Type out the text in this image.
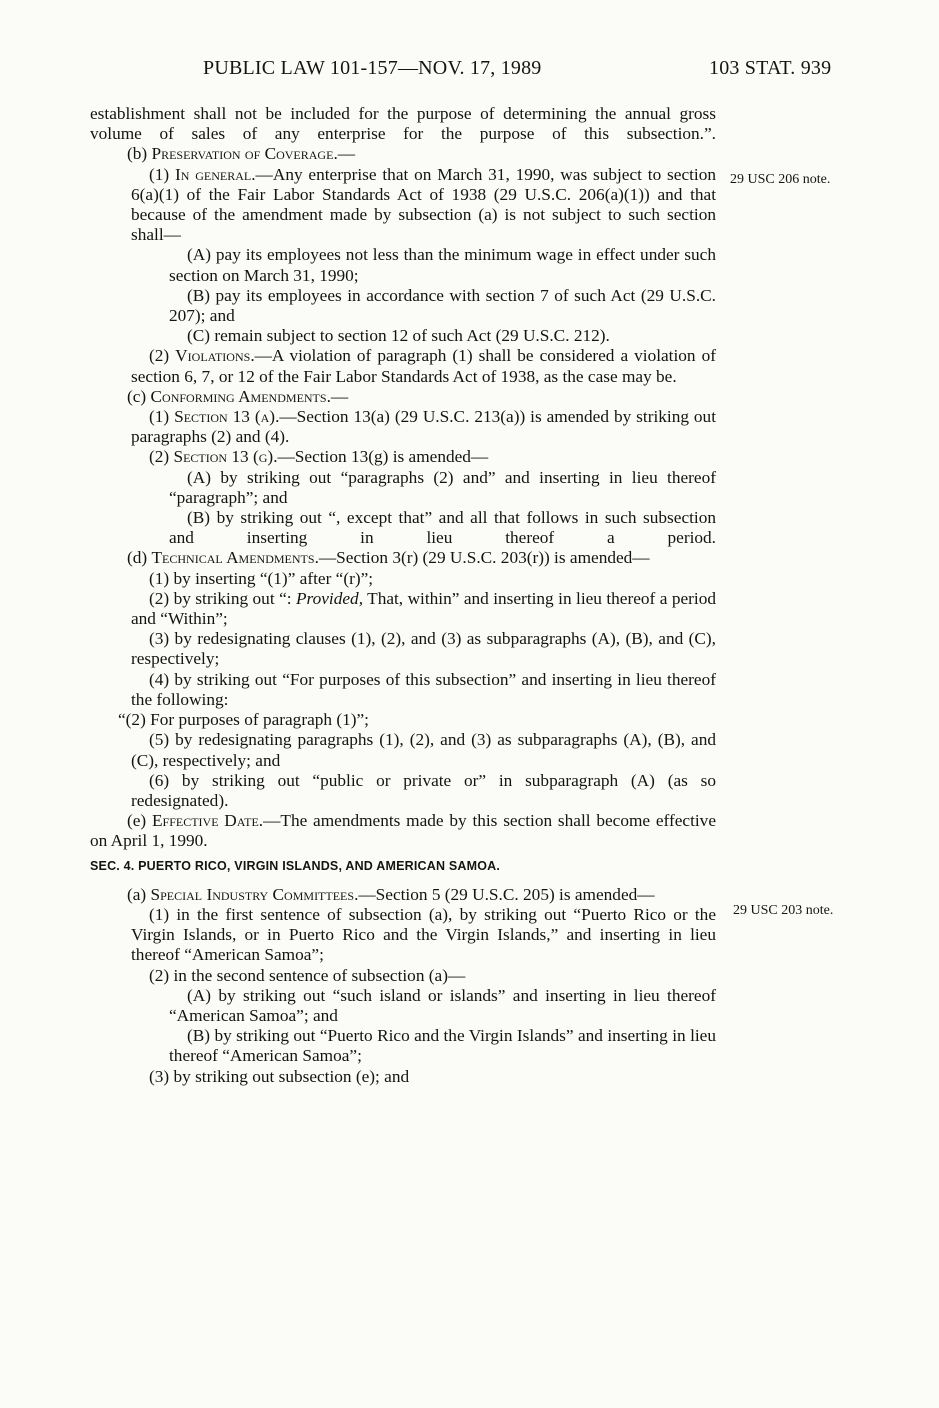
PUBLIC LAW 101-157—NOV. 17, 1989	103 STAT. 939
29 USC 206 note.
29 USC 203 note.

establishment shall not be included for the purpose of determining the annual gross volume of sales of any enterprise for the purpose of this subsection.”.

(b) Preservation of Coverage.—

(1) In general.—Any enterprise that on March 31, 1990, was subject to section 6(a)(1) of the Fair Labor Standards Act of 1938 (29 U.S.C. 206(a)(1)) and that because of the amendment made by subsection (a) is not subject to such section shall—

(A) pay its employees not less than the minimum wage in effect under such section on March 31, 1990;

(B) pay its employees in accordance with section 7 of such Act (29 U.S.C. 207); and

(C) remain subject to section 12 of such Act (29 U.S.C. 212).

(2) Violations.—A violation of paragraph (1) shall be considered a violation of section 6, 7, or 12 of the Fair Labor Standards Act of 1938, as the case may be.

(c) Conforming Amendments.—

(1) Section 13 (a).—Section 13(a) (29 U.S.C. 213(a)) is amended by striking out paragraphs (2) and (4).

(2) Section 13 (g).—Section 13(g) is amended—

(A) by striking out “paragraphs (2) and” and inserting in lieu thereof “paragraph”; and

(B) by striking out “, except that” and all that follows in such subsection and inserting in lieu thereof a period.

(d) Technical Amendments.—Section 3(r) (29 U.S.C. 203(r)) is amended—

(1) by inserting “(1)” after “(r)”;

(2) by striking out “: Provided, That, within” and inserting in lieu thereof a period and “Within”;

(3) by redesignating clauses (1), (2), and (3) as subparagraphs (A), (B), and (C), respectively;

(4) by striking out “For purposes of this subsection” and inserting in lieu thereof the following:

“(2) For purposes of paragraph (1)”;

(5) by redesignating paragraphs (1), (2), and (3) as subparagraphs (A), (B), and (C), respectively; and

(6) by striking out “public or private or” in subparagraph (A) (as so redesignated).

(e) Effective Date.—The amendments made by this section shall become effective on April 1, 1990.

SEC. 4. PUERTO RICO, VIRGIN ISLANDS, AND AMERICAN SAMOA.

(a) Special Industry Committees.—Section 5 (29 U.S.C. 205) is amended—

(1) in the first sentence of subsection (a), by striking out “Puerto Rico or the Virgin Islands, or in Puerto Rico and the Virgin Islands,” and inserting in lieu thereof “American Samoa”;

(2) in the second sentence of subsection (a)—

(A) by striking out “such island or islands” and inserting in lieu thereof “American Samoa”; and

(B) by striking out “Puerto Rico and the Virgin Islands” and inserting in lieu thereof “American Samoa”;

(3) by striking out subsection (e); and
